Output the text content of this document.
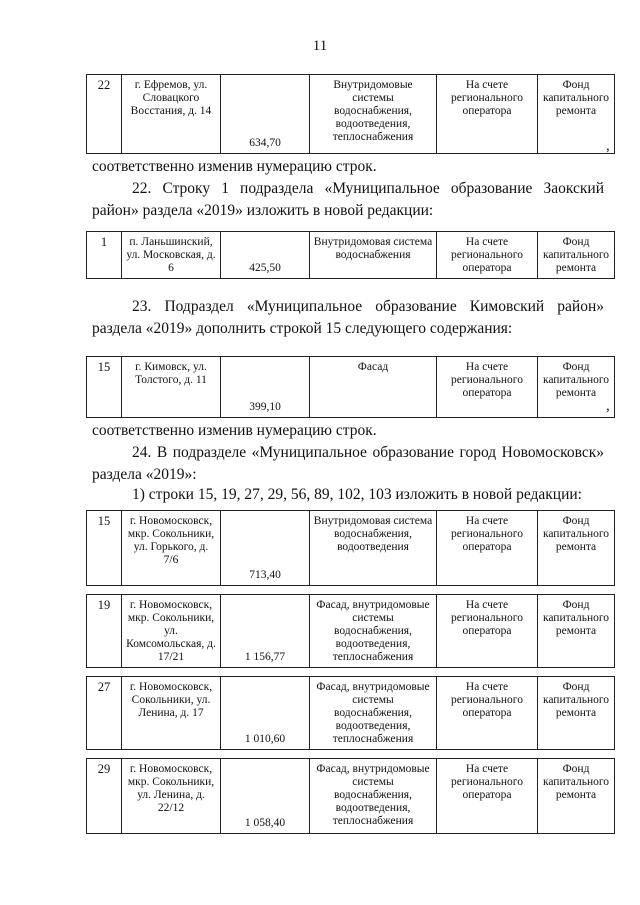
11
22	г. Ефремов, ул. Словацкого Восстания, д. 14	634,70	Внутридомовые системы водоснабжения, водоотведения, теплоснабжения	На счете регионального оператора	Фонд капитального ремонта
,
соответственно изменив нумерацию строк.
22. Строку 1 подраздела «Муниципальное образование Заокский район» раздела «2019» изложить в новой редакции:
1	п. Ланьшинский, ул. Московская, д. 6	425,50	Внутридомовая система водоснабжения	На счете регионального оператора	Фонд капитального ремонта
23. Подраздел «Муниципальное образование Кимовский район» раздела «2019» дополнить строкой 15 следующего содержания:
15	г. Кимовск, ул. Толстого, д. 11	399,10	Фасад	На счете регионального оператора	Фонд капитального ремонта
,
соответственно изменив нумерацию строк.
24. В подразделе «Муниципальное образование город Новомосковск» раздела «2019»:
1) строки 15, 19, 27, 29, 56, 89, 102, 103 изложить в новой редакции:
15	г. Новомосковск, мкр. Сокольники, ул. Горького, д. 7/6	713,40	Внутридомовая система водоснабжения, водоотведения	На счете регионального оператора	Фонд капитального ремонта
19	г. Новомосковск, мкр. Сокольники, ул. Комсомольская, д. 17/21	1 156,77	Фасад, внутридомовые системы водоснабжения, водоотведения, теплоснабжения	На счете регионального оператора	Фонд капитального ремонта
27	г. Новомосковск, Сокольники, ул. Ленина, д. 17	1 010,60	Фасад, внутридомовые системы водоснабжения, водоотведения, теплоснабжения	На счете регионального оператора	Фонд капитального ремонта
29	г. Новомосковск, мкр. Сокольники, ул. Ленина, д. 22/12	1 058,40	Фасад, внутридомовые системы водоснабжения, водоотведения, теплоснабжения	На счете регионального оператора	Фонд капитального ремонта
